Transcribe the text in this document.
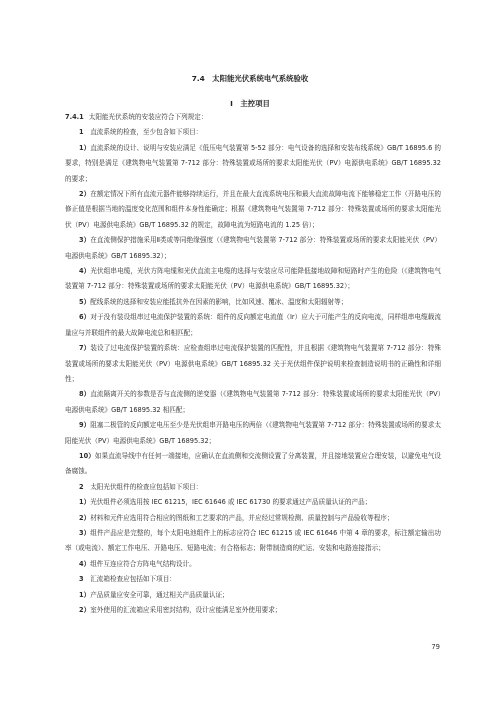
7.4　太阳能光伏系统电气系统验收
I　主控项目

7.4.1 太阳能光伏系统的安装应符合下列规定：

1　 直流系统的检查，至少包含如下项目：

1）直流系统的设计、说明与安装应满足《低压电气装置第 5-52 部分：电气设备的选择和安装布线系统》GB/T 16895.6 的要求，特别是满足《建筑物电气装置第 7-712 部分：特殊装置或场所的要求太阳能光伏（PV）电源供电系统》GB/T 16895.32 的要求；

2）在额定情况下所有直流元器件能够持续运行，并且在最大直流系统电压和最大直流故障电流下能够稳定工作（开路电压的修正值是根据当地的温度变化范围和组件本身性能确定；根据《建筑物电气装置第 7-712 部分：特殊装置或场所的要求太阳能光伏（PV）电源供电系统》GB/T 16895.32 的规定，故障电流为短路电流的 1.25 倍）；

3）在直流侧保护措施采用Ⅱ类或等同绝缘强度（《建筑物电气装置第 7-712 部分：特殊装置或场所的要求太阳能光伏（PV）电源供电系统》GB/T 16895.32）；

4）光伏组串电缆，光伏方阵电缆和光伏直流主电缆的选择与安装应尽可能降低接地故障和短路时产生的危险（《建筑物电气装置第 7-712 部分：特殊装置或场所的要求太阳能光伏（PV）电源供电系统》GB/T 16895.32）；

5）配线系统的选择和安装应能抵抗外在因素的影响，比如风速、覆冰、温度和太阳辐射等；

6）对于没有装设组串过电流保护装置的系统：组件的反向额定电流值（Ir）应大于可能产生的反向电流，同样组串电缆载流量应与并联组件的最大故障电流总和相匹配；

7）装设了过电流保护装置的系统：应检查组串过电流保护装置的匹配性，并且根据《建筑物电气装置第 7-712 部分：特殊装置或场所的要求太阳能光伏（PV）电源供电系统》GB/T 16895.32 关于光伏组件保护说明来检查制造说明书的正确性和详细性；

8）直流隔离开关的参数是否与直流侧的逆变器（《建筑物电气装置第 7-712 部分：特殊装置或场所的要求太阳能光伏（PV）电源供电系统》GB/T 16895.32 相匹配；

9）阻塞二极管的反向额定电压至少是光伏组串开路电压的两倍（《建筑物电气装置第 7-712 部分：特殊装置或场所的要求太阳能光伏（PV）电源供电系统》GB/T 16895.32；

10）如果直流导线中有任何一端接地，应确认在直流侧和交流侧设置了分离装置，并且接地装置应合理安装，以避免电气设备腐蚀。

2　 太阳光伏组件的检查应包括如下项目：

1）光伏组件必须选用按 IEC 61215，IEC 61646 或 IEC 61730 的要求通过产品质量认证的产品；

2）材料和元件应选用符合相应的图纸和工艺要求的产品，并应经过常规检测、质量控制与产品验收等程序；

3）组件产品应是完整的，每个太阳电池组件上的标志应符合 IEC 61215 或 IEC 61646 中第 4 章的要求，标注额定输出功率（或电流）、额定工作电压、开路电压、短路电流；有合格标志；附带制造商的贮运、安装和电路连接指示；

4）组件互连应符合方阵电气结构设计。

3　 汇流箱检查应包括如下项目：

1）产品质量应安全可靠，通过相关产品质量认证；

2）室外使用的汇流箱应采用密封结构，设计应能满足室外使用要求；

79
